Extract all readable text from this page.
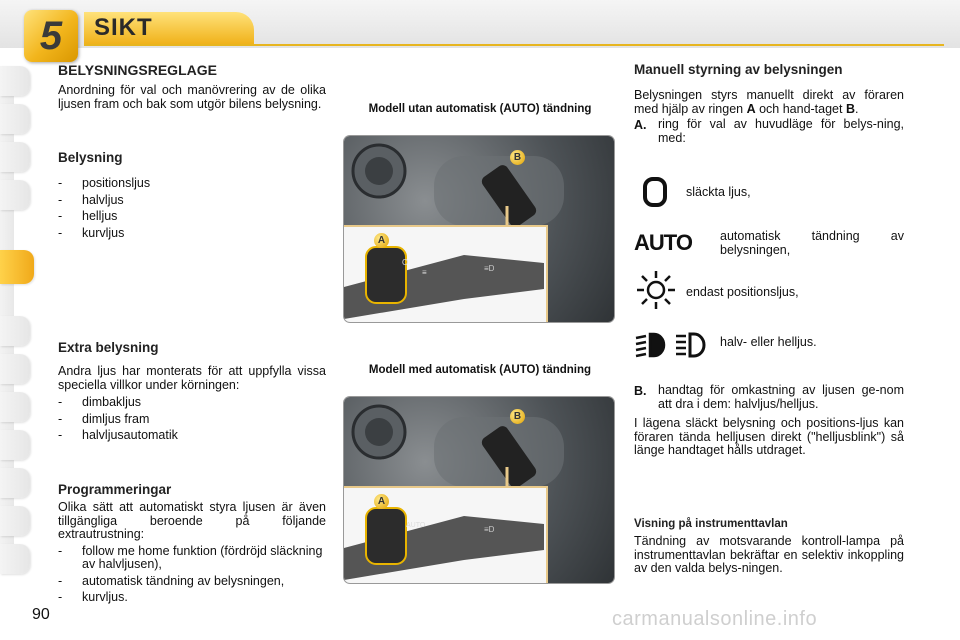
SIKT
5
BELYSNINGSREGLAGE

Anordning för val och manövrering av de olika ljusen fram och bak som utgör bilens belysning.

Belysning
- positionsljus
- halvljus
- helljus
- kurvljus
Extra belysning

Andra ljus har monterats för att uppfylla vissa speciella villkor under körningen:

- dimbakljus
- dimljus fram
- halvljusautomatik
Programmeringar

Olika sätt att automatiskt styra ljusen är även tillgängliga beroende på följande extrautrustning:

- follow me home funktion (fördröjd släckning av halvljusen),
- automatisk tändning av belysningen,
- kurvljus.
Modell utan automatisk (AUTO) tändning
B
O
≡	≡D
A
Modell med automatisk (AUTO) tändning
B
≡D
A
AUTO
Manuell styrning av belysningen

Belysningen styrs manuellt direkt av föraren med hjälp av ringen A och hand-taget B.

A. ring för val av huvudläge för belys-ning, med:
släckta ljus,
AUTO automatisk tändning av belysningen,
endast positionsljus,
halv- eller helljus.
B. handtag för omkastning av ljusen ge-nom att dra i dem: halvljus/helljus.

I lägena släckt belysning och positions-ljus kan föraren tända helljusen direkt ("helljusblink") så länge handtaget hålls utdraget.

Visning på instrumenttavlan

Tändning av motsvarande kontroll-lampa på instrumenttavlan bekräftar en selektiv inkoppling av den valda belys-ningen.

90	carmanualsonline.info
